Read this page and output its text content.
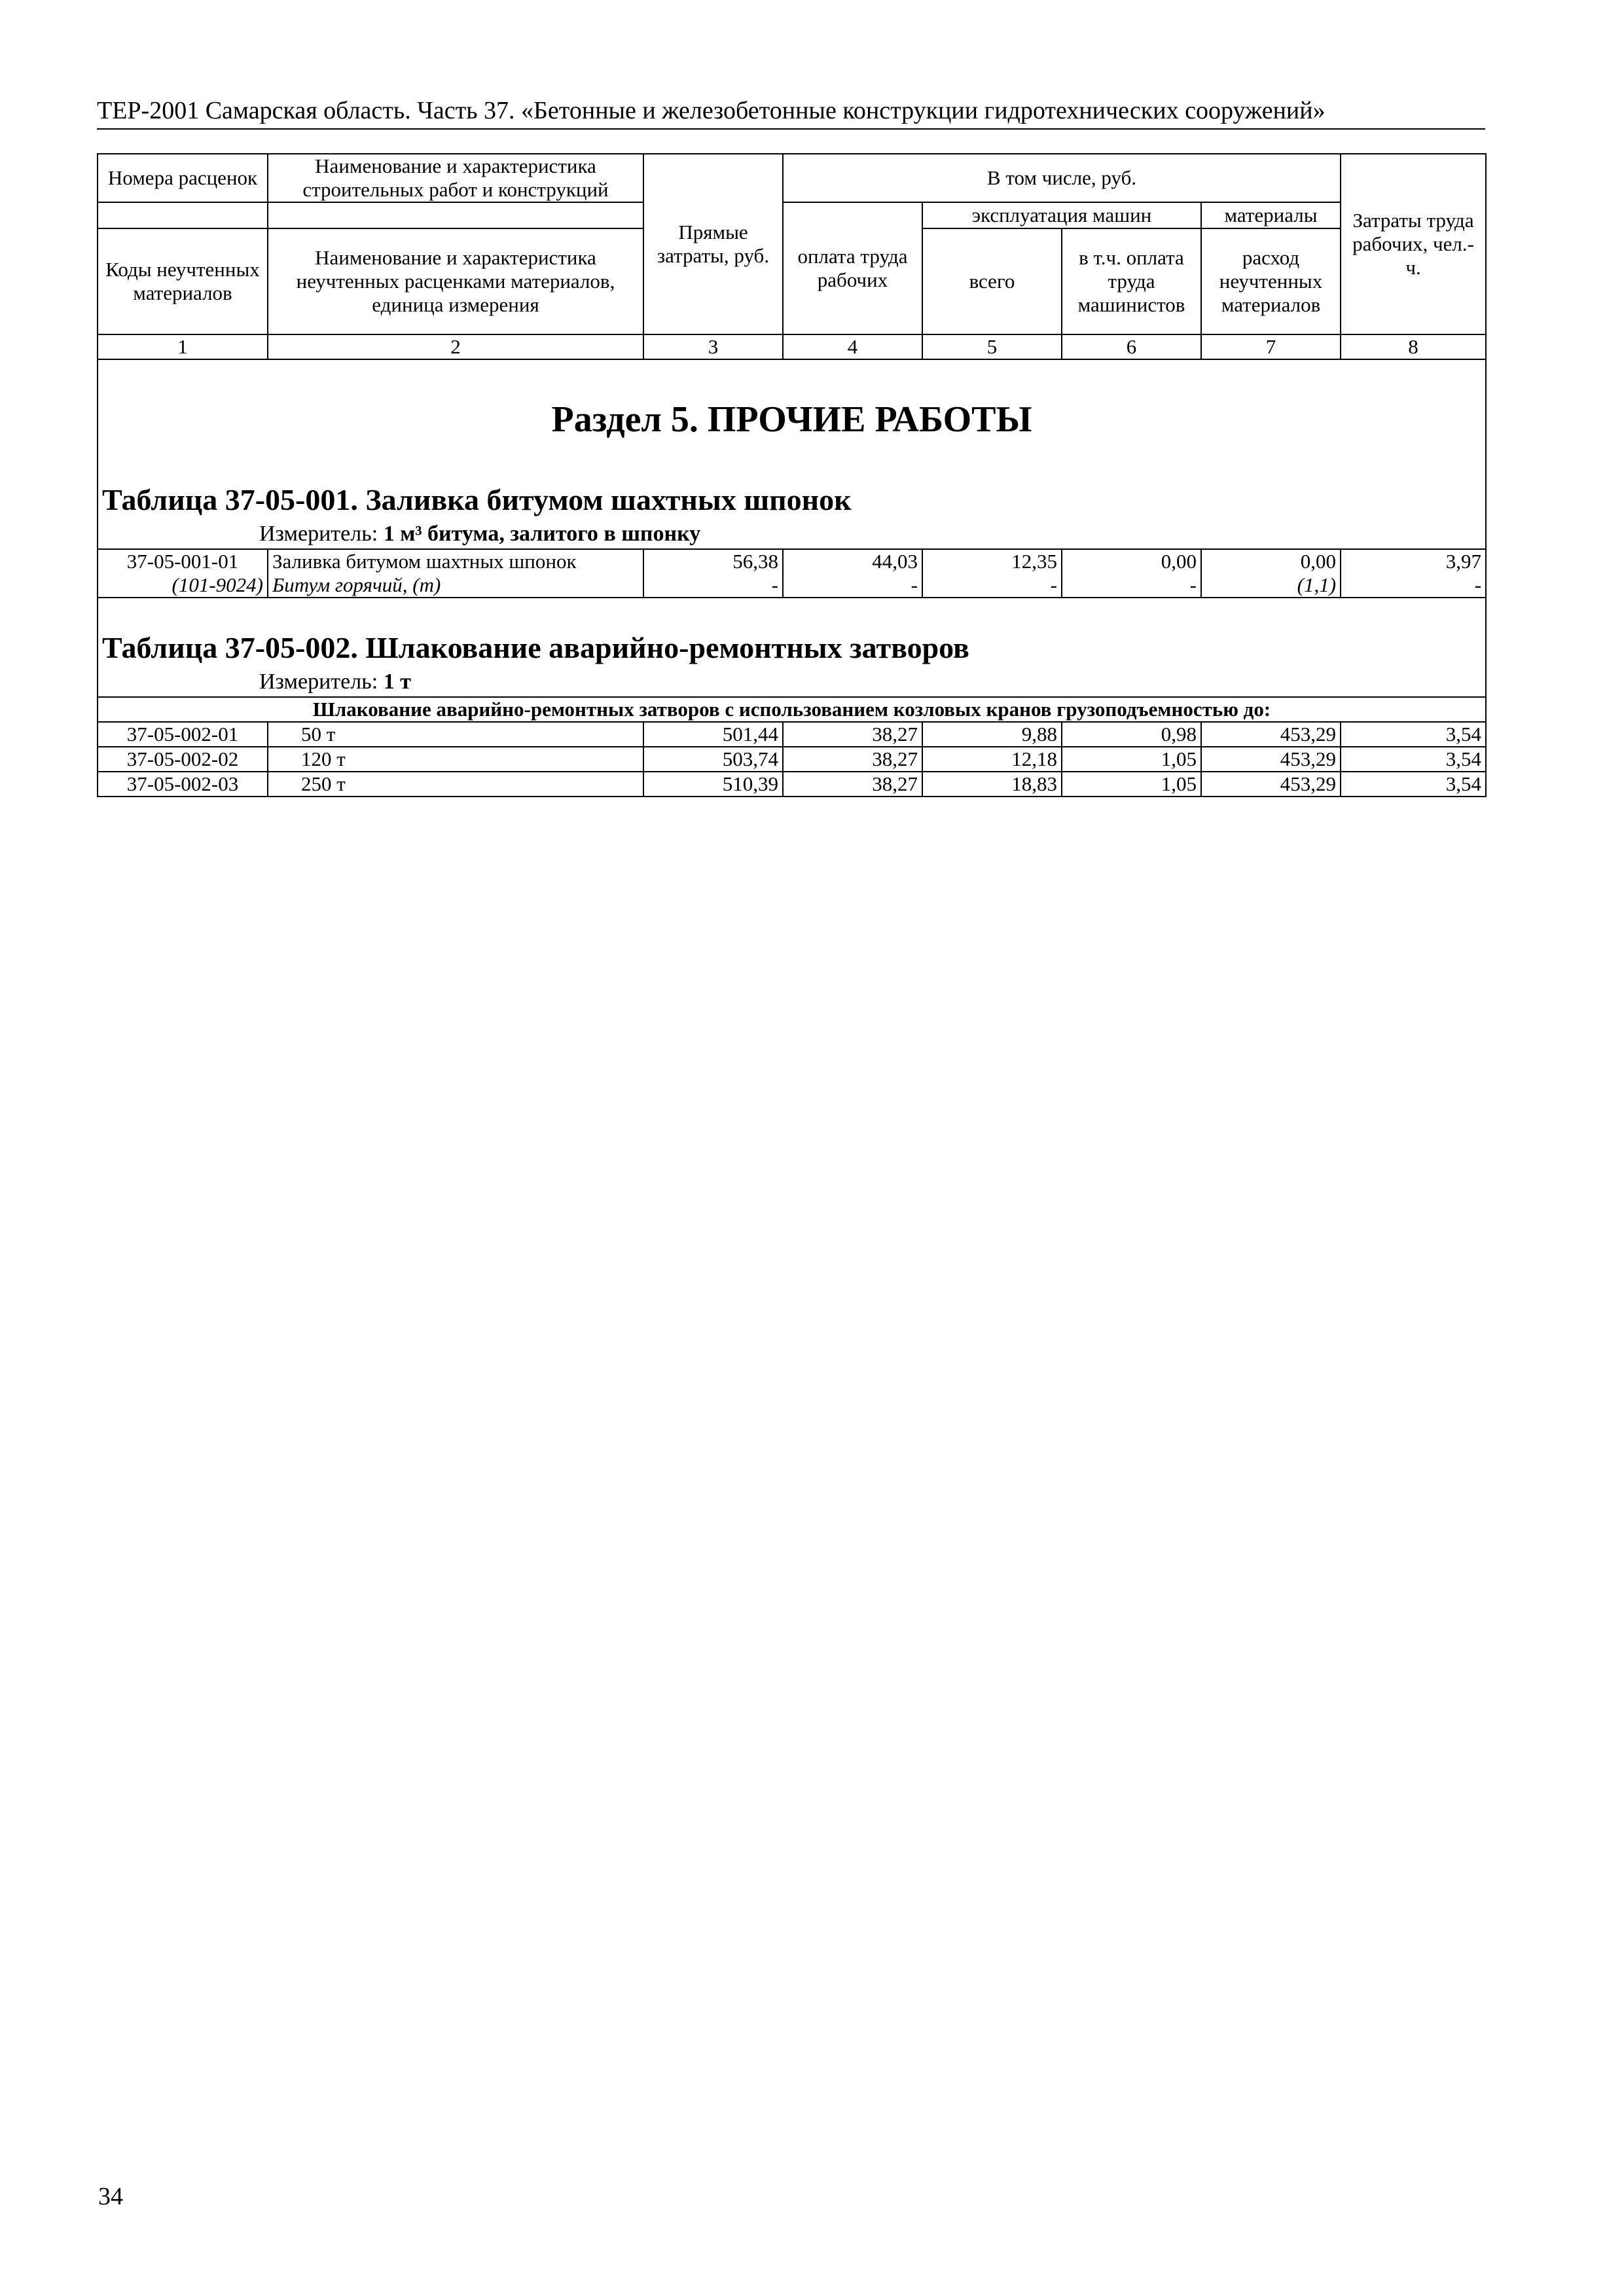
ТЕР-2001 Самарская область. Часть 37. «Бетонные и железобетонные конструкции гидротехнических сооружений»
Номера расценок	Наименование и характеристика строительных работ и конструкций	Прямые затраты, руб.	В том числе, руб.				Затраты труда рабочих, чел.-ч.
			оплата труда рабочих	эксплуатация машин		материалы	
Коды неучтенных материалов	Наименование и характеристика неучтенных расценками материалов, единица измерения			всего	в т.ч. оплата труда машинистов	расход неучтенных материалов	
1	2	3	4	5	6	7	8

Раздел 5. ПРОЧИЕ РАБОТЫ
Таблица 37-05-001. Заливка битумом шахтных шпонок
Измеритель: 1 м³ битума, залитого в шпонку							

37-05-001-01	Заливка битумом шахтных шпонок	56,38	44,03	12,35	0,00	0,00	3,97
(101-9024)	Битум горячий, (т)	-	-	-	-	(1,1)	-

Таблица 37-05-002. Шлакование аварийно-ремонтных затворов
Измеритель: 1 т							

Шлакование аварийно-ремонтных затворов с использованием козловых кранов грузоподъемностью до:							
37-05-002-01	50 т	501,44	38,27	9,88	0,98	453,29	3,54
37-05-002-02	120 т	503,74	38,27	12,18	1,05	453,29	3,54
37-05-002-03	250 т	510,39	38,27	18,83	1,05	453,29	3,54
34
